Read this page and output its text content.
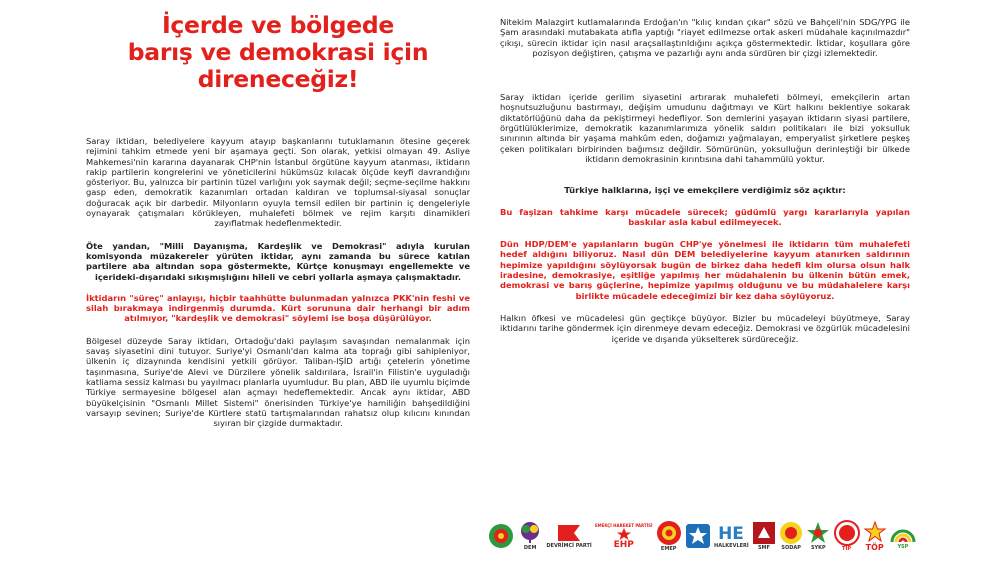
İçerde ve bölgede
barış ve demokrasi için
direneceğiz!

Saray iktidarı, belediyelere kayyum atayıp başkanlarını tutuklamanın ötesine geçerek rejimini tahkim etmede yeni bir aşamaya geçti. Son olarak, yetkisi olmayan 49. Asliye Mahkemesi'nin kararına dayanarak CHP'nin İstanbul örgütüne kayyum atanması, iktidarın rakip partilerin kongrelerini ve yöneticilerini hükümsüz kılacak ölçüde keyfi davrandığını gösteriyor. Bu, yalnızca bir partinin tüzel varlığını yok saymak değil; seçme-seçilme hakkını gasp eden, demokratik kazanımları ortadan kaldıran ve toplumsal-siyasal sonuçlar doğuracak açık bir darbedir. Milyonların oyuyla temsil edilen bir partinin iç dengeleriyle oynayarak çatışmaları körükleyen, muhalefeti bölmek ve rejim karşıtı dinamikleri zayıflatmak hedeflenmektedir.

Öte yandan, "Milli Dayanışma, Kardeşlik ve Demokrasi" adıyla kurulan komisyonda müzakereler yürüten iktidar, aynı zamanda bu sürece katılan partilere aba altından sopa göstermekte, Kürtçe konuşmayı engellemekte ve içerideki-dışarıdaki sıkışmışlığını hileli ve cebri yollarla aşmaya çalışmaktadır.

İktidarın "süreç" anlayışı, hiçbir taahhütte bulunmadan yalnızca PKK'nin feshi ve silah bırakmaya indirgenmiş durumda. Kürt sorununa dair herhangi bir adım atılmıyor, "kardeşlik ve demokrasi" söylemi ise boşa düşürülüyor.

Bölgesel düzeyde Saray iktidarı, Ortadoğu'daki paylaşım savaşından nemalanmak için savaş siyasetini dini tutuyor. Suriye'yi Osmanlı'dan kalma ata toprağı gibi sahipleniyor, ülkenin iç dizaynında kendisini yetkili görüyor. Taliban-IŞİD artığı çetelerin yönetime taşınmasına, Suriye'de Alevi ve Dürzilere yönelik saldırılara, İsrail'in Filistin'e uyguladığı katliama sessiz kalması bu yayılmacı planlarla uyumludur. Bu plan, ABD ile uyumlu biçimde Türkiye sermayesine bölgesel alan açmayı hedeflemektedir. Ancak aynı iktidar, ABD büyükelçisinin "Osmanlı Millet Sistemi" önerisinden Türkiye'ye hamiliğin bahşedildiğini varsayıp sevinen; Suriye'de Kürtlere statü tartışmalarından rahatsız olup kılıcını kınından sıyıran bir çizgide durmaktadır.

Nitekim Malazgirt kutlamalarında Erdoğan'ın "kılıç kından çıkar" sözü ve Bahçeli'nin SDG/YPG ile Şam arasındaki mutabakata atıfla yaptığı "riayet edilmezse ortak askeri müdahale kaçınılmazdır" çıkışı, sürecin iktidar için nasıl araçsallaştırıldığını açıkça göstermektedir. İktidar, koşullara göre pozisyon değiştiren, çatışma ve pazarlığı aynı anda sürdüren bir çizgi izlemektedir.

Saray iktidarı içeride gerilim siyasetini artırarak muhalefeti bölmeyi, emekçilerin artan hoşnutsuzluğunu bastırmayı, değişim umudunu dağıtmayı ve Kürt halkını beklentiye sokarak diktatörlüğünü daha da pekiştirmeyi hedefliyor. Son demlerini yaşayan iktidarın siyasi partilere, örgütlülüklerimize, demokratik kazanımlarımıza yönelik saldırı politikaları ile bizi yoksulluk sınırının altında bir yaşama mahkûm eden, doğamızı yağmalayan, emperyalist şirketlere peşkeş çeken politikaları birbirinden bağımsız değildir. Sömürünün, yoksulluğun derinleştiği bir ülkede iktidarın demokrasinin kırıntısına dahi tahammülü yoktur.

Türkiye halklarına, işçi ve emekçilere verdiğimiz söz açıktır:

Bu faşizan tahkime karşı mücadele sürecek; güdümlü yargı kararlarıyla yapılan baskılar asla kabul edilmeyecek.

Dün HDP/DEM'e yapılanların bugün CHP'ye yönelmesi ile iktidarın tüm muhalefeti hedef aldığını biliyoruz. Nasıl dün DEM belediyelerine kayyum atanırken saldırının hepimize yapıldığını söylüyorsak bugün de birkez daha hedefi kim olursa olsun halk iradesine, demokrasiye, eşitliğe yapılmış her müdahalenin bu ülkenin bütün emek, demokrasi ve barış güçlerine, hepimize yapılmış olduğunu ve bu müdahalelere karşı birlikte mücadele edeceğimizi bir kez daha söylüyoruz.

Halkın öfkesi ve mücadelesi gün geçtikçe büyüyor. Bizler bu mücadeleyi büyütmeye, Saray iktidarını tarihe göndermek için direnmeye devam edeceğiz. Demokrasi ve özgürlük mücadelesini içeride ve dışarıda yükselterek sürdüreceğiz.

DEM DEVRİMCİ PARTİ
EMEKÇİ HAREKET PARTİSİ
EHP	EMEP
HE
HALKEVLERİ SMF SODAP SYKP	TİP TÖP	YSP
